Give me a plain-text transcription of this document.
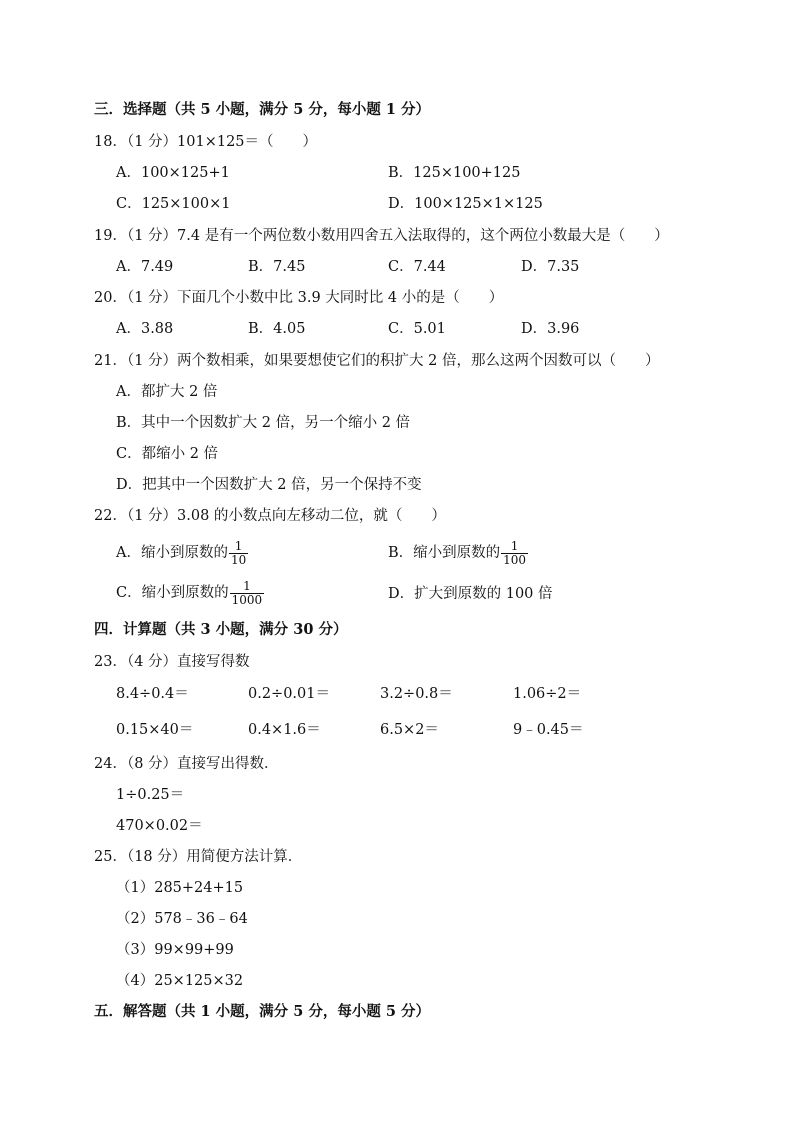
三．选择题（共 5 小题，满分 5 分，每小题 1 分）
18．（1 分）101×125＝（　　）
A．100×125+1	B．125×100+125
C．125×100×1	D．100×125×1×125
19．（1 分）7.4 是有一个两位数小数用四舍五入法取得的，这个两位小数最大是（　　）
A．7.49	B．7.45	C．7.44	D．7.35
20．（1 分）下面几个小数中比 3.9 大同时比 4 小的是（　　）
A．3.88	B．4.05	C．5.01	D．3.96
21．（1 分）两个数相乘，如果要想使它们的积扩大 2 倍，那么这两个因数可以（　　）
A．都扩大 2 倍
B．其中一个因数扩大 2 倍，另一个缩小 2 倍
C．都缩小 2 倍
D．把其中一个因数扩大 2 倍，另一个保持不变
22．（1 分）3.08 的小数点向左移动二位，就（　　）
A．缩小到原数的 $\frac{1}{10}$	B．缩小到原数的 $\frac{1}{100}$
C．缩小到原数的 $\frac{1}{1000}$	D．扩大到原数的 100 倍
四．计算题（共 3 小题，满分 30 分）
23．（4 分）直接写得数
8.4÷0.4＝	0.2÷0.01＝	3.2÷0.8＝	1.06÷2＝
0.15×40＝	0.4×1.6＝	6.5×2＝	9﹣0.45＝
24．（8 分）直接写出得数．
1÷0.25＝
470×0.02＝
25．（18 分）用简便方法计算．
（1）285+24+15
（2）578﹣36﹣64
（3）99×99+99
（4）25×125×32
五．解答题（共 1 小题，满分 5 分，每小题 5 分）
